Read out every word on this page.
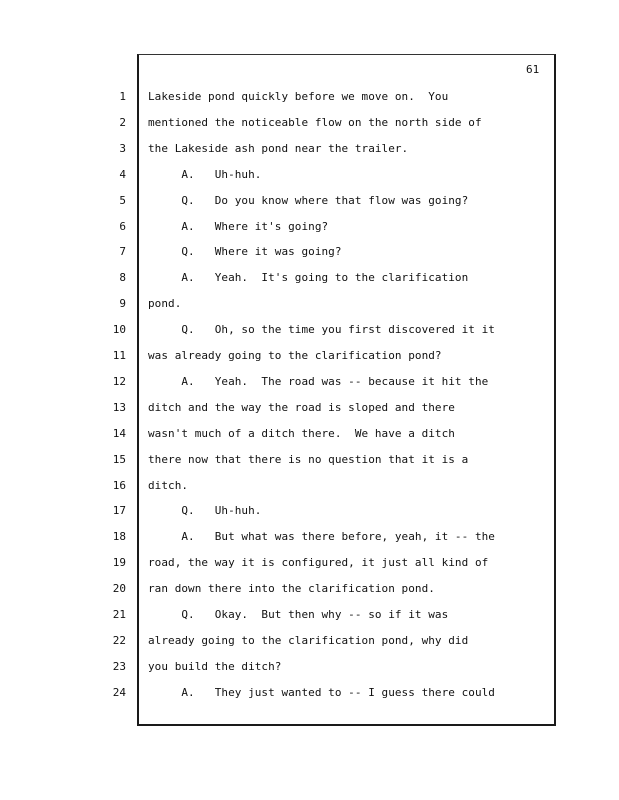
61
1 Lakeside pond quickly before we move on.  You
2 mentioned the noticeable flow on the north side of
3 the Lakeside ash pond near the trailer.
4 A.   Uh-huh.
5 Q.   Do you know where that flow was going?
6 A.   Where it's going?
7 Q.   Where it was going?
8 A.   Yeah.  It's going to the clarification
9 pond.
10 Q.   Oh, so the time you first discovered it it
11 was already going to the clarification pond?
12 A.   Yeah.  The road was -- because it hit the
13 ditch and the way the road is sloped and there
14 wasn't much of a ditch there.  We have a ditch
15 there now that there is no question that it is a
16 ditch.
17 Q.   Uh-huh.
18 A.   But what was there before, yeah, it -- the
19 road, the way it is configured, it just all kind of
20 ran down there into the clarification pond.
21 Q.   Okay.  But then why -- so if it was
22 already going to the clarification pond, why did
23 you build the ditch?
24 A.   They just wanted to -- I guess there could
